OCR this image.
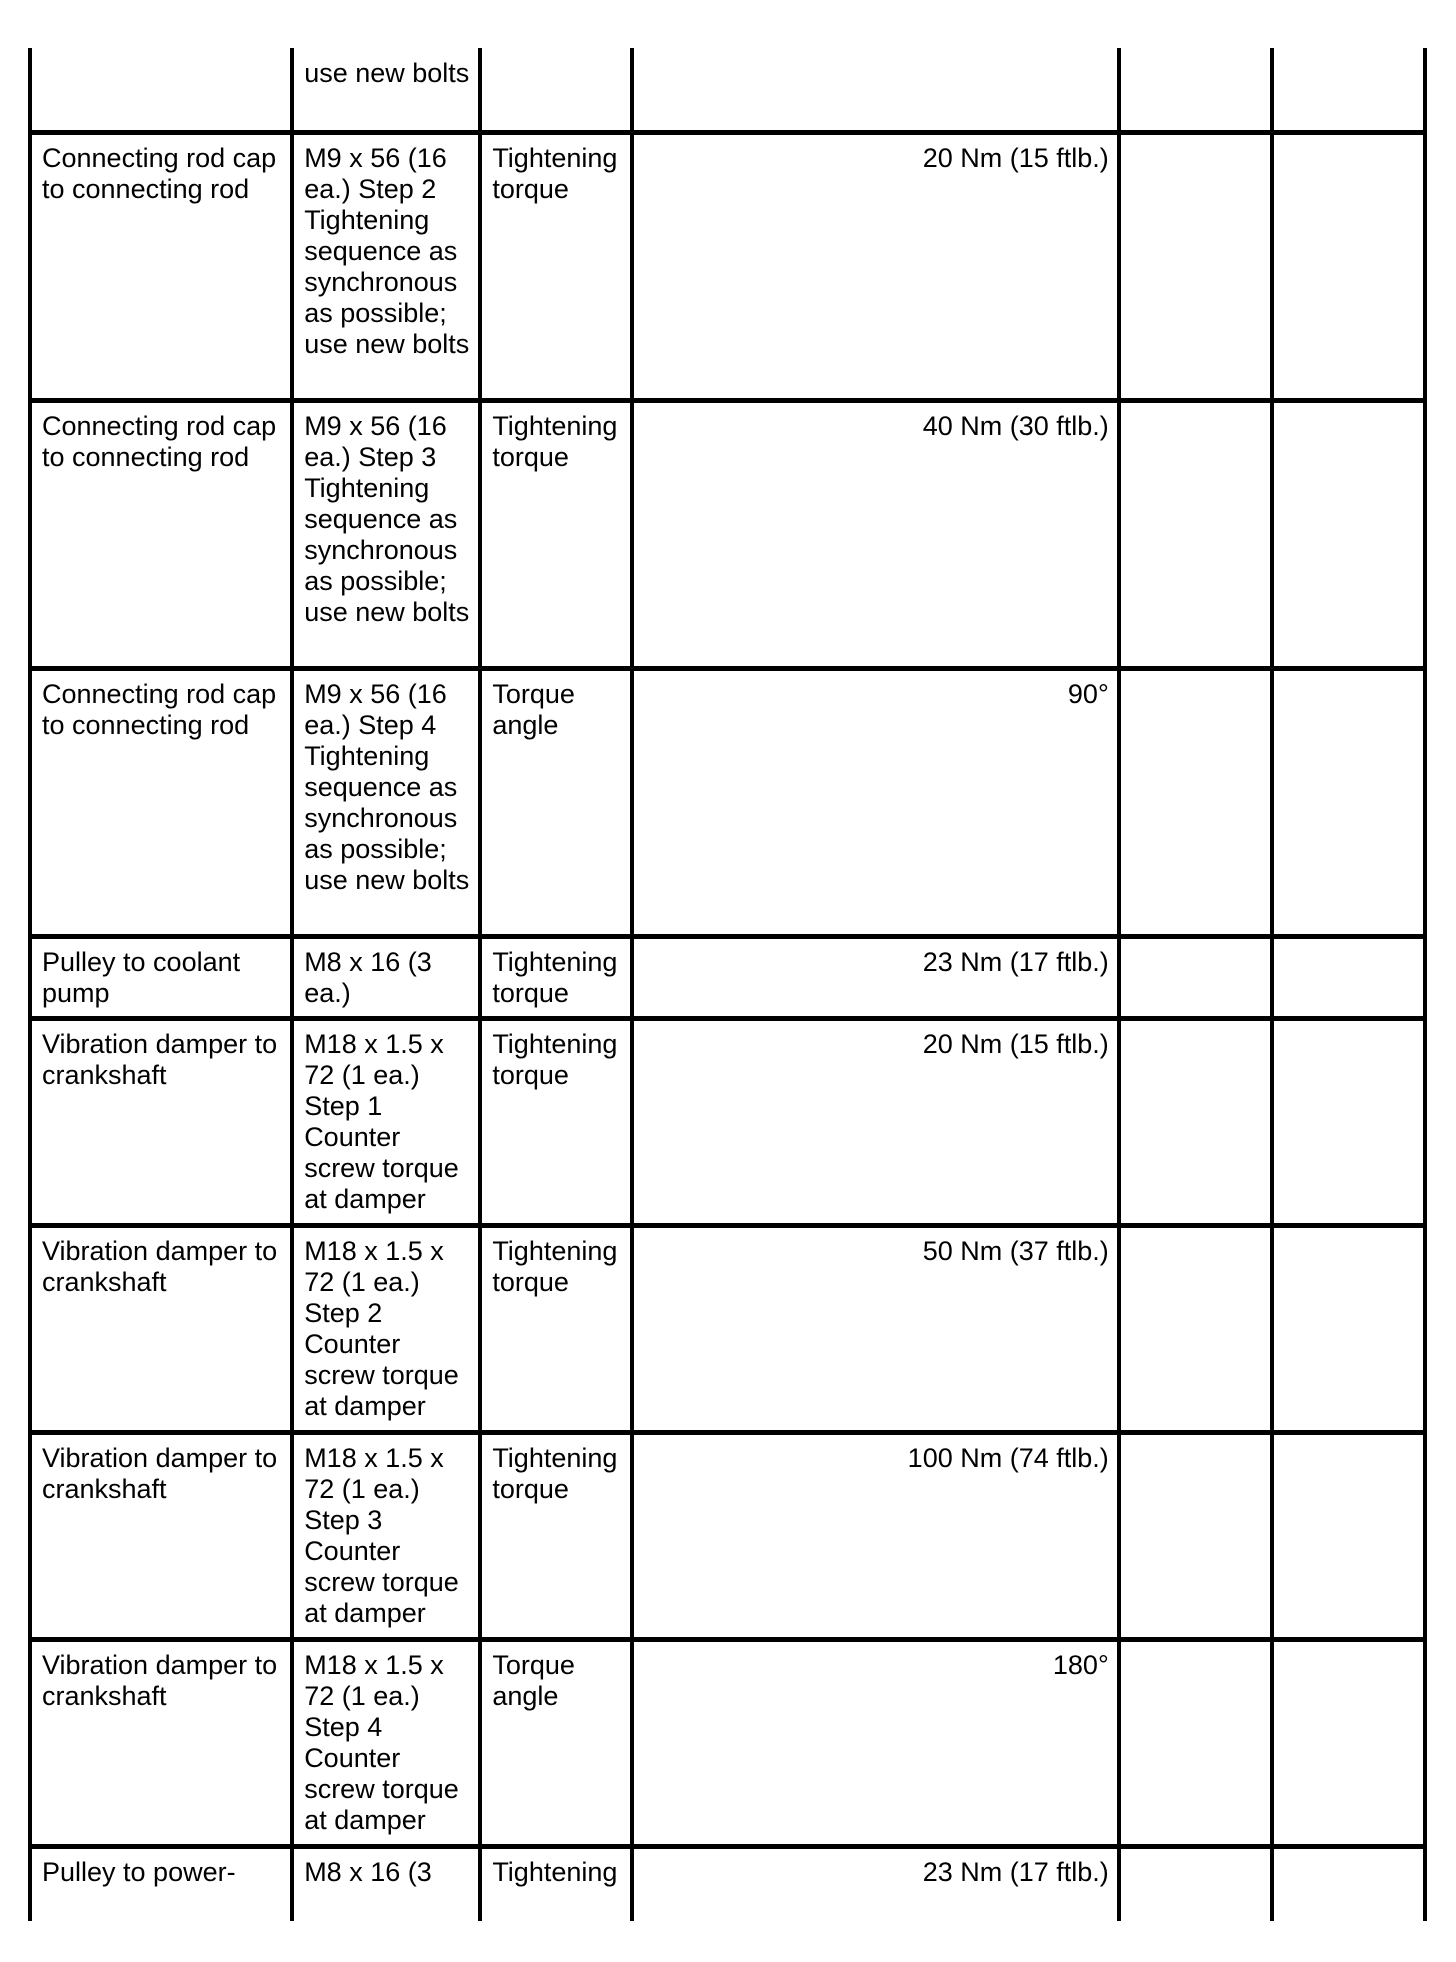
	use new bolts				
Connecting rod cap to connecting rod	M9 x 56 (16 ea.) Step 2 Tightening sequence as synchronous as possible; use new bolts	Tightening torque	20 Nm (15 ftlb.)		
Connecting rod cap to connecting rod	M9 x 56 (16 ea.) Step 3 Tightening sequence as synchronous as possible; use new bolts	Tightening torque	40 Nm (30 ftlb.)		
Connecting rod cap to connecting rod	M9 x 56 (16 ea.) Step 4 Tightening sequence as synchronous as possible; use new bolts	Torque angle	90°		
Pulley to coolant pump	M8 x 16 (3 ea.)	Tightening torque	23 Nm (17 ftlb.)		
Vibration damper to crankshaft	M18 x 1.5 x 72 (1 ea.) Step 1 Counter screw torque at damper	Tightening torque	20 Nm (15 ftlb.)		
Vibration damper to crankshaft	M18 x 1.5 x 72 (1 ea.) Step 2 Counter screw torque at damper	Tightening torque	50 Nm (37 ftlb.)		
Vibration damper to crankshaft	M18 x 1.5 x 72 (1 ea.) Step 3 Counter screw torque at damper	Tightening torque	100 Nm (74 ftlb.)		
Vibration damper to crankshaft	M18 x 1.5 x 72 (1 ea.) Step 4 Counter screw torque at damper	Torque angle	180°		
Pulley to power-	M8 x 16 (3	Tightening	23 Nm (17 ftlb.)		
